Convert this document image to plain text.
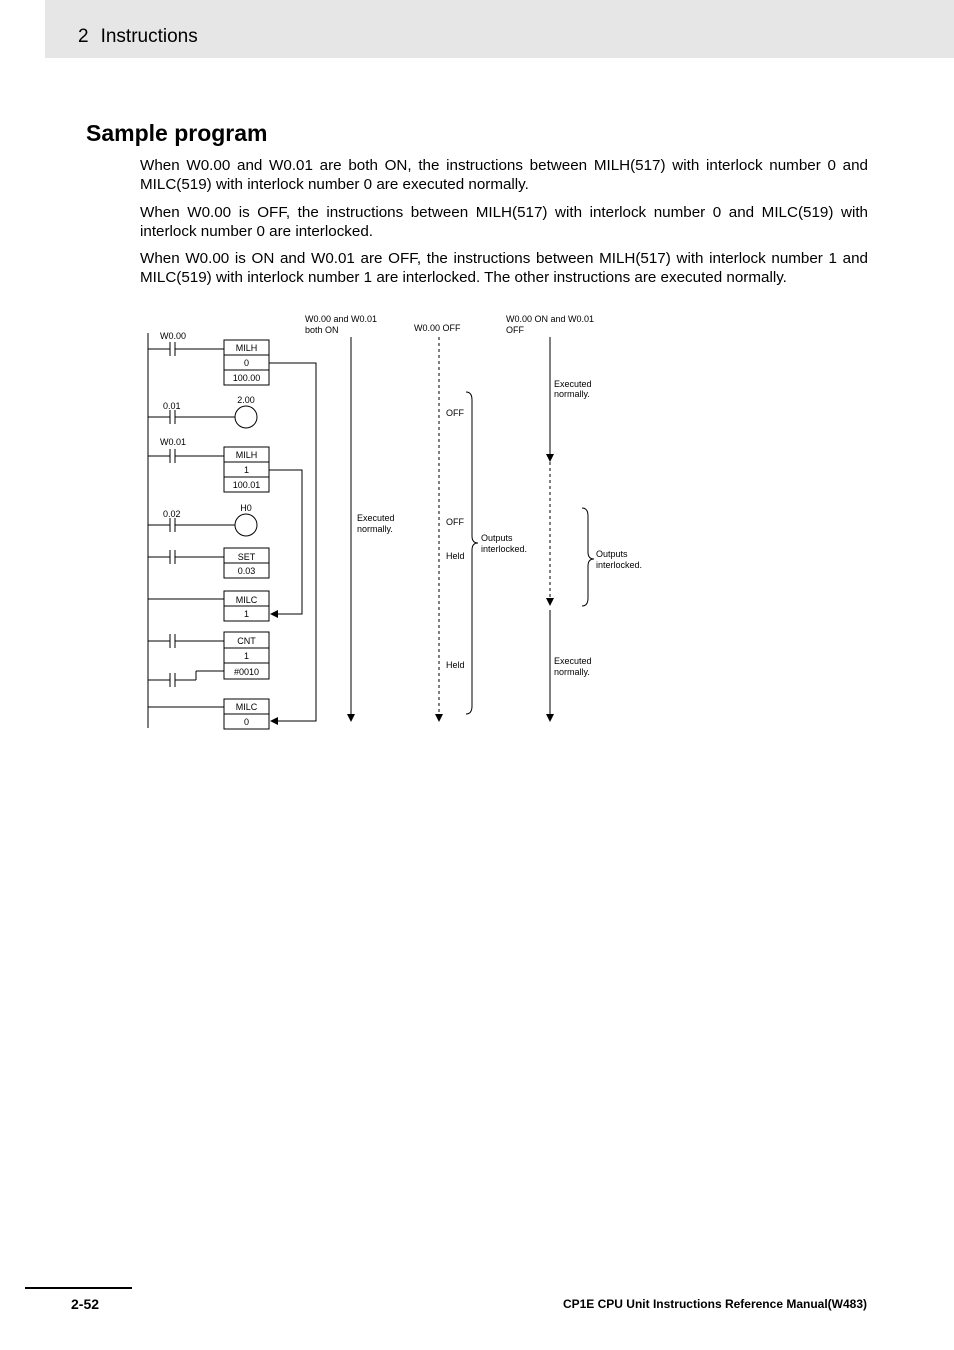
2 Instructions
Sample program
When W0.00 and W0.01 are both ON, the instructions between MILH(517) with interlock number 0 and MILC(519) with interlock number 0 are executed normally.
When W0.00 is OFF, the instructions between MILH(517) with interlock number 0 and MILC(519) with interlock number 0 are interlocked.
When W0.00 is ON and W0.01 are OFF, the instructions between MILH(517) with interlock number 1 and MILC(519) with interlock number 1 are interlocked. The other instructions are executed normally.
W0.00
MILH
0
100.00
0.01
2.00
W0.01
MILH
1
100.01
0.02
H0
SET
0.03
MILC
1
CNT
1
#0010
MILC
0
W0.00 and W0.01
both ON
Executed
normally.
W0.00 OFF
OFF
OFF
Held
Held
Outputs
interlocked.
W0.00 ON and W0.01
OFF
Executed
normally.
Outputs
interlocked.
Executed
normally.
2-52	CP1E CPU Unit Instructions Reference Manual(W483)
